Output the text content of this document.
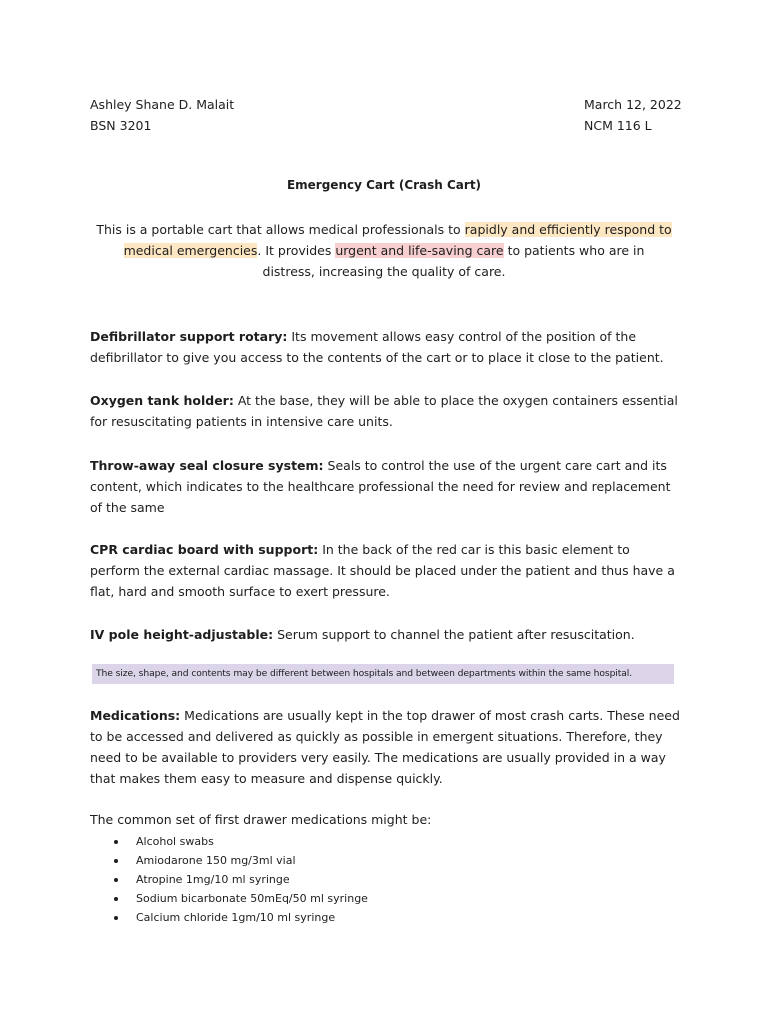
Ashley Shane D. Malait
BSN 3201
March 12, 2022
NCM 116 L
Emergency Cart (Crash Cart)
This is a portable cart that allows medical professionals to rapidly and efficiently respond to medical emergencies. It provides urgent and life-saving care to patients who are in distress, increasing the quality of care.
Defibrillator support rotary: Its movement allows easy control of the position of the defibrillator to give you access to the contents of the cart or to place it close to the patient.
Oxygen tank holder: At the base, they will be able to place the oxygen containers essential for resuscitating patients in intensive care units.
Throw-away seal closure system: Seals to control the use of the urgent care cart and its content, which indicates to the healthcare professional the need for review and replacement of the same
CPR cardiac board with support: In the back of the red car is this basic element to perform the external cardiac massage. It should be placed under the patient and thus have a flat, hard and smooth surface to exert pressure.
IV pole height-adjustable: Serum support to channel the patient after resuscitation.
The size, shape, and contents may be different between hospitals and between departments within the same hospital.
Medications: Medications are usually kept in the top drawer of most crash carts. These need to be accessed and delivered as quickly as possible in emergent situations. Therefore, they need to be available to providers very easily. The medications are usually provided in a way that makes them easy to measure and dispense quickly.
The common set of first drawer medications might be:
Alcohol swabs
Amiodarone 150 mg/3ml vial
Atropine 1mg/10 ml syringe
Sodium bicarbonate 50mEq/50 ml syringe
Calcium chloride 1gm/10 ml syringe
